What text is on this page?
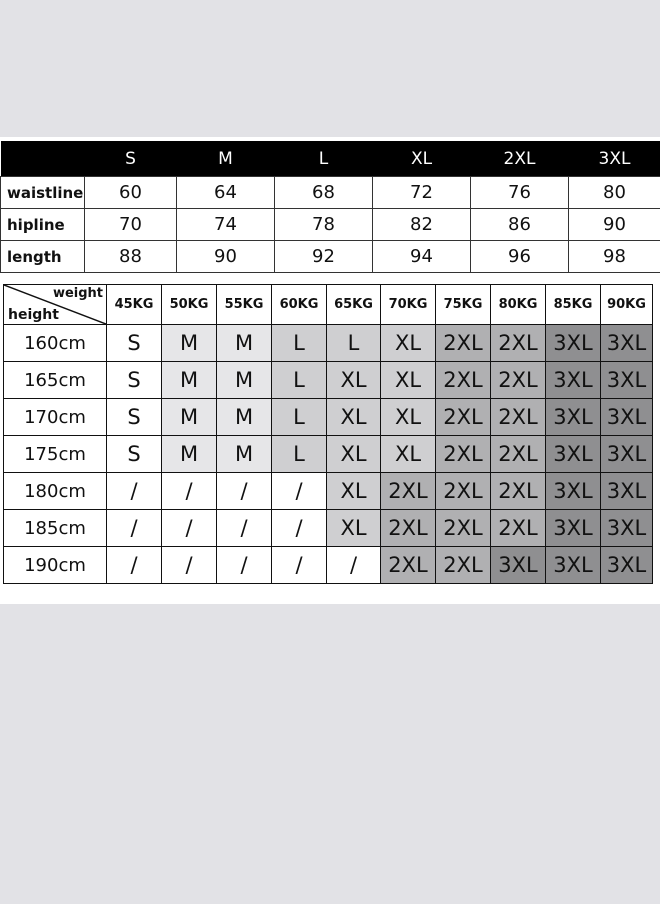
	S	M	L	XL	2XL	3XL
waistline	60	64	68	72	76	80
hipline	70	74	78	82	86	90
length	88	90	92	94	96	98
weight
height	45KG	50KG	55KG	60KG	65KG	70KG	75KG	80KG	85KG	90KG
160cm	S	M	M	L	L	XL	2XL	2XL	3XL	3XL
165cm	S	M	M	L	XL	XL	2XL	2XL	3XL	3XL
170cm	S	M	M	L	XL	XL	2XL	2XL	3XL	3XL
175cm	S	M	M	L	XL	XL	2XL	2XL	3XL	3XL
180cm	/	/	/	/	XL	2XL	2XL	2XL	3XL	3XL
185cm	/	/	/	/	XL	2XL	2XL	2XL	3XL	3XL
190cm	/	/	/	/	/	2XL	2XL	3XL	3XL	3XL
